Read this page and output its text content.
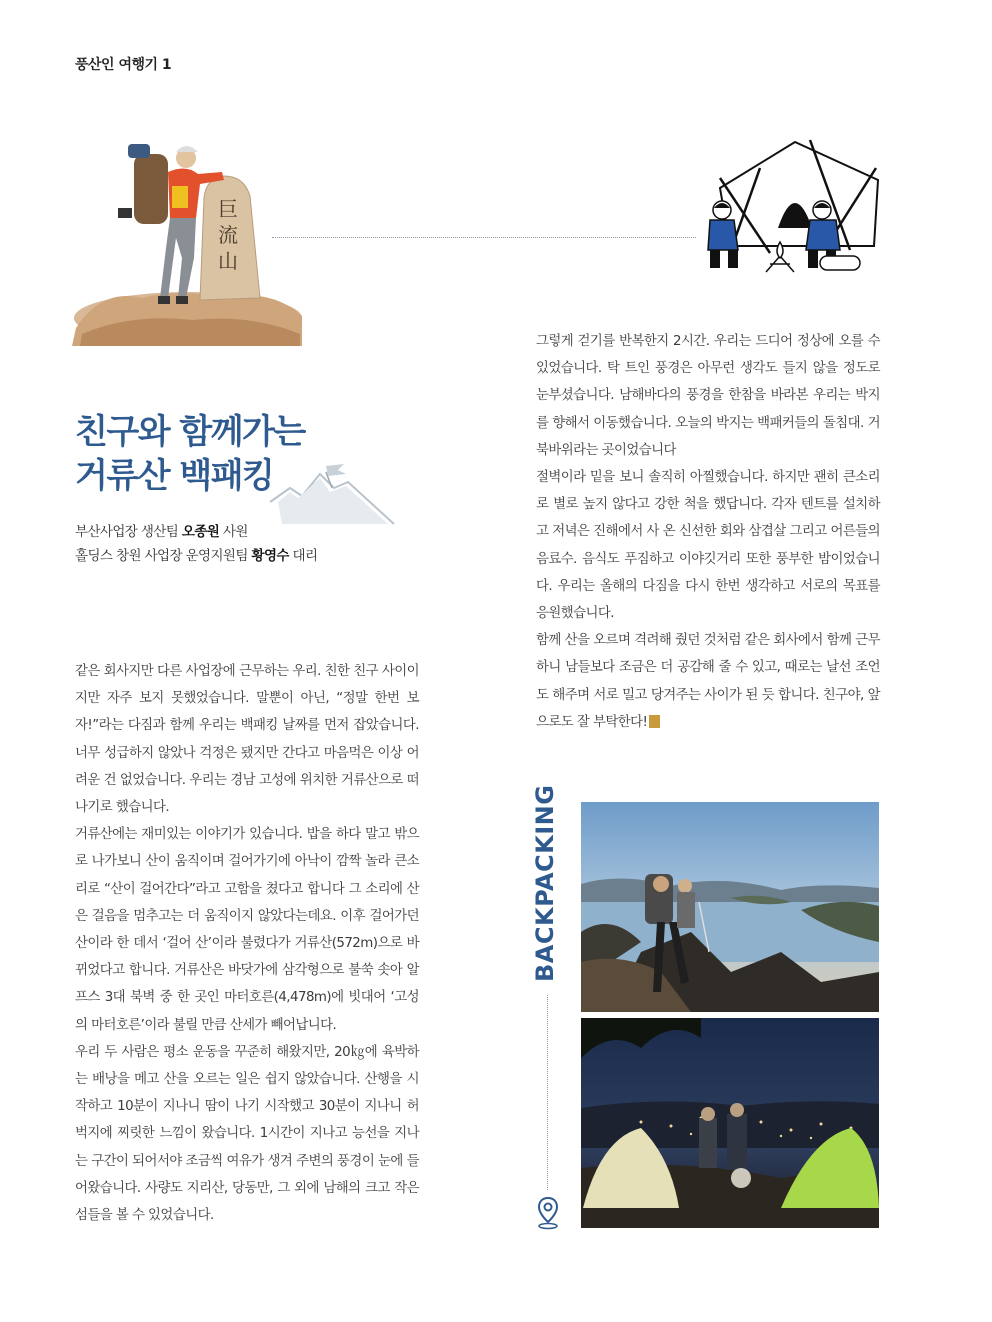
풍산인 여행기 1
巨
流
山
친구와 함께가는
거류산 백패킹
부산사업장 생산팀 오종원 사원
홀딩스 창원 사업장 운영지원팀 황영수 대리

같은 회사지만 다른 사업장에 근무하는 우리. 친한 친구 사이이지만 자주 보지 못했었습니다. 말뿐이 아닌, “정말 한번 보자!”라는 다짐과 함께 우리는 백패킹 날짜를 먼저 잡았습니다. 너무 성급하지 않았나 걱정은 됐지만 간다고 마음먹은 이상 어려운 건 없었습니다. 우리는 경남 고성에 위치한 거류산으로 떠나기로 했습니다.

거류산에는 재미있는 이야기가 있습니다. 밥을 하다 말고 밖으로 나가보니 산이 움직이며 걸어가기에 아낙이 깜짝 놀라 큰소리로 “산이 걸어간다”라고 고함을 쳤다고 합니다 그 소리에 산은 걸음을 멈추고는 더 움직이지 않았다는데요. 이후 걸어가던 산이라 한 데서 ‘걸어 산’이라 불렸다가 거류산(572m)으로 바뀌었다고 합니다. 거류산은 바닷가에 삼각형으로 불쑥 솟아 알프스 3대 북벽 중 한 곳인 마터호른(4,478m)에 빗대어 ‘고성의 마터호른’이라 불릴 만큼 산세가 빼어납니다.

우리 두 사람은 평소 운동을 꾸준히 해왔지만, 20㎏에 육박하는 배낭을 메고 산을 오르는 일은 쉽지 않았습니다. 산행을 시작하고 10분이 지나니 땀이 나기 시작했고 30분이 지나니 허벅지에 찌릿한 느낌이 왔습니다. 1시간이 지나고 능선을 지나는 구간이 되어서야 조금씩 여유가 생겨 주변의 풍경이 눈에 들어왔습니다. 사량도 지리산, 당동만, 그 외에 남해의 크고 작은 섬들을 볼 수 있었습니다.

그렇게 걷기를 반복한지 2시간. 우리는 드디어 정상에 오를 수 있었습니다. 탁 트인 풍경은 아무런 생각도 들지 않을 정도로 눈부셨습니다. 남해바다의 풍경을 한참을 바라본 우리는 박지를 향해서 이동했습니다. 오늘의 박지는 백패커들의 돌침대. 거북바위라는 곳이었습니다

절벽이라 밑을 보니 솔직히 아찔했습니다. 하지만 괜히 큰소리로 별로 높지 않다고 강한 척을 했답니다. 각자 텐트를 설치하고 저녁은 진해에서 사 온 신선한 회와 삼겹살 그리고 어른들의 음료수. 음식도 푸짐하고 이야깃거리 또한 풍부한 밤이었습니다. 우리는 올해의 다짐을 다시 한번 생각하고 서로의 목표를 응원했습니다.

함께 산을 오르며 격려해 줬던 것처럼 같은 회사에서 함께 근무하니 남들보다 조금은 더 공감해 줄 수 있고, 때로는 날선 조언도 해주며 서로 밀고 당겨주는 사이가 된 듯 합니다. 친구야, 앞으로도 잘 부탁한다!

BACKPACKING
